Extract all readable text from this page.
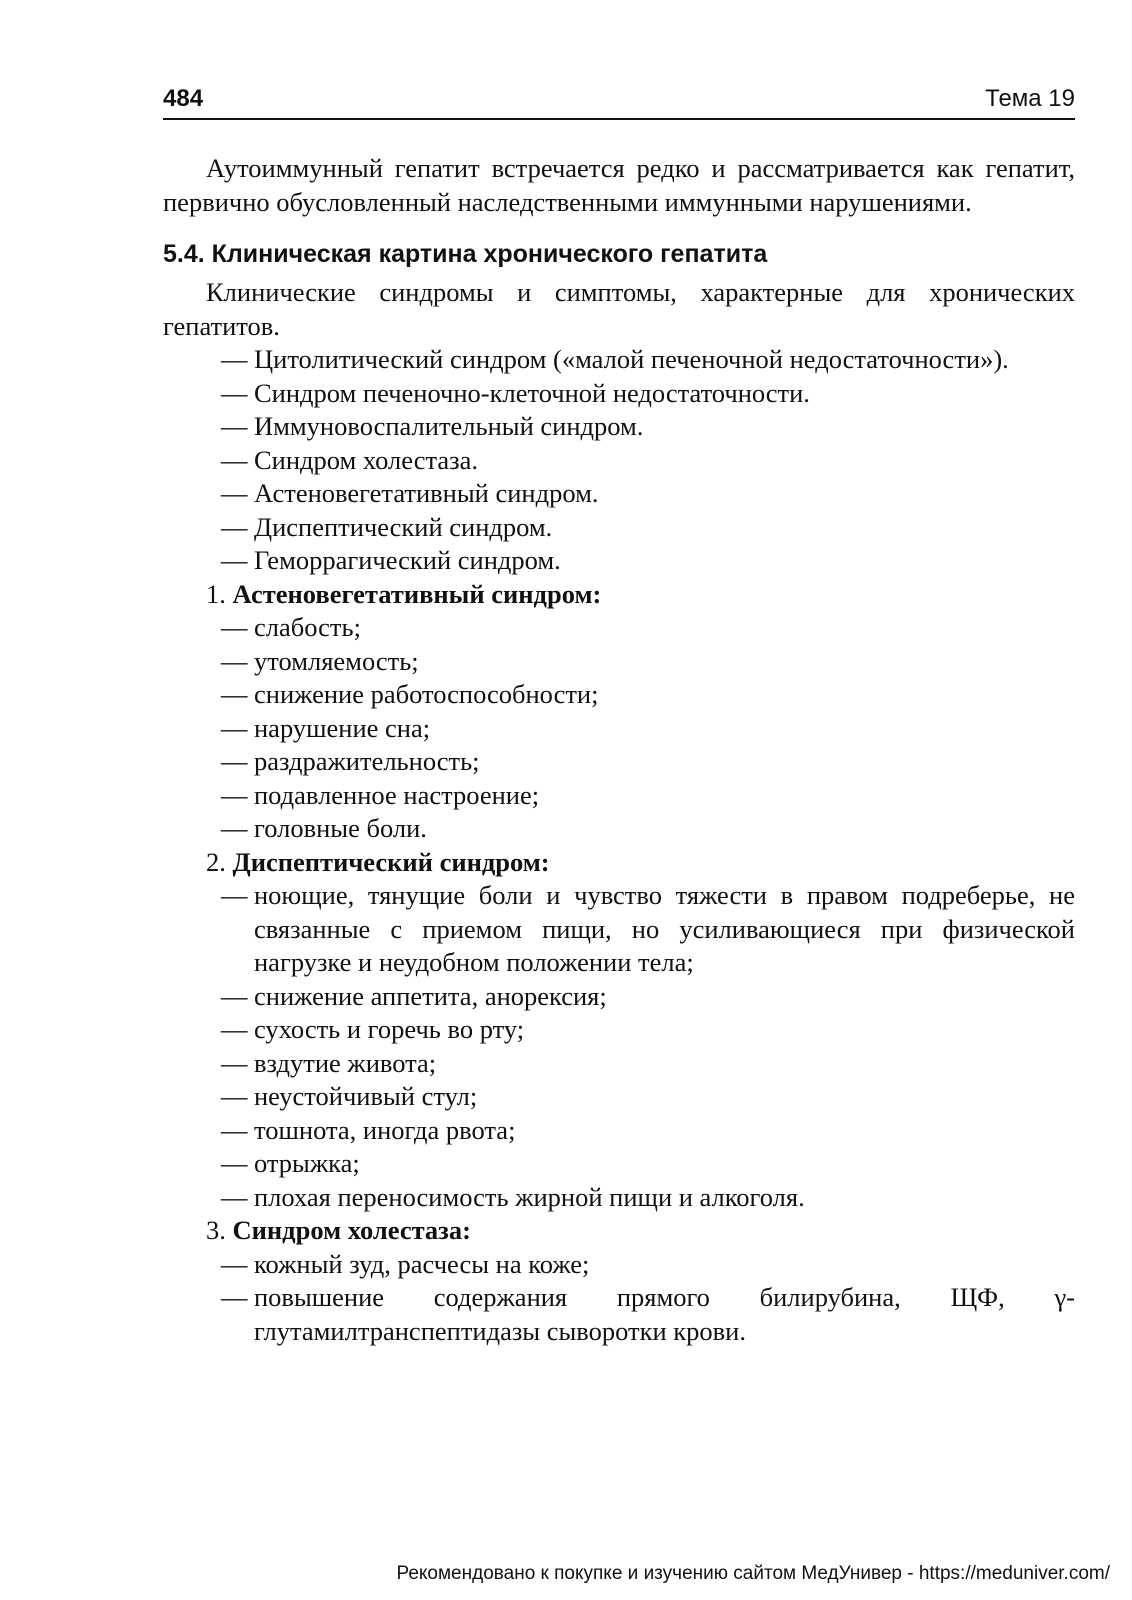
484	Тема 19

Аутоиммунный гепатит встречается редко и рассматривается как гепатит, первично обусловленный наследственными иммунными нарушениями.

5.4. Клиническая картина хронического гепатита

Клинические синдромы и симптомы, характерные для хронических гепатитов.

— Цитолитический синдром («малой печеночной недостаточности»).
— Синдром печеночно-клеточной недостаточности.
— Иммуновоспалительный синдром.
— Синдром холестаза.
— Астеновегетативный синдром.
— Диспептический синдром.
— Геморрагический синдром.

1. Астеновегетативный синдром:

— слабость;
— утомляемость;
— снижение работоспособности;
— нарушение сна;
— раздражительность;
— подавленное настроение;
— головные боли.

2. Диспептический синдром:

— ноющие, тянущие боли и чувство тяжести в правом подреберье, не связанные с приемом пищи, но усиливающиеся при физической нагрузке и неудобном положении тела;
— снижение аппетита, анорексия;
— сухость и горечь во рту;
— вздутие живота;
— неустойчивый стул;
— тошнота, иногда рвота;
— отрыжка;
— плохая переносимость жирной пищи и алкоголя.

3. Синдром холестаза:

— кожный зуд, расчесы на коже;
— повышение содержания прямого билирубина, ЩФ, γ-глутамилтранспептидазы сыворотки крови.
Рекомендовано к покупке и изучению сайтом МедУнивер - https://meduniver.com/
